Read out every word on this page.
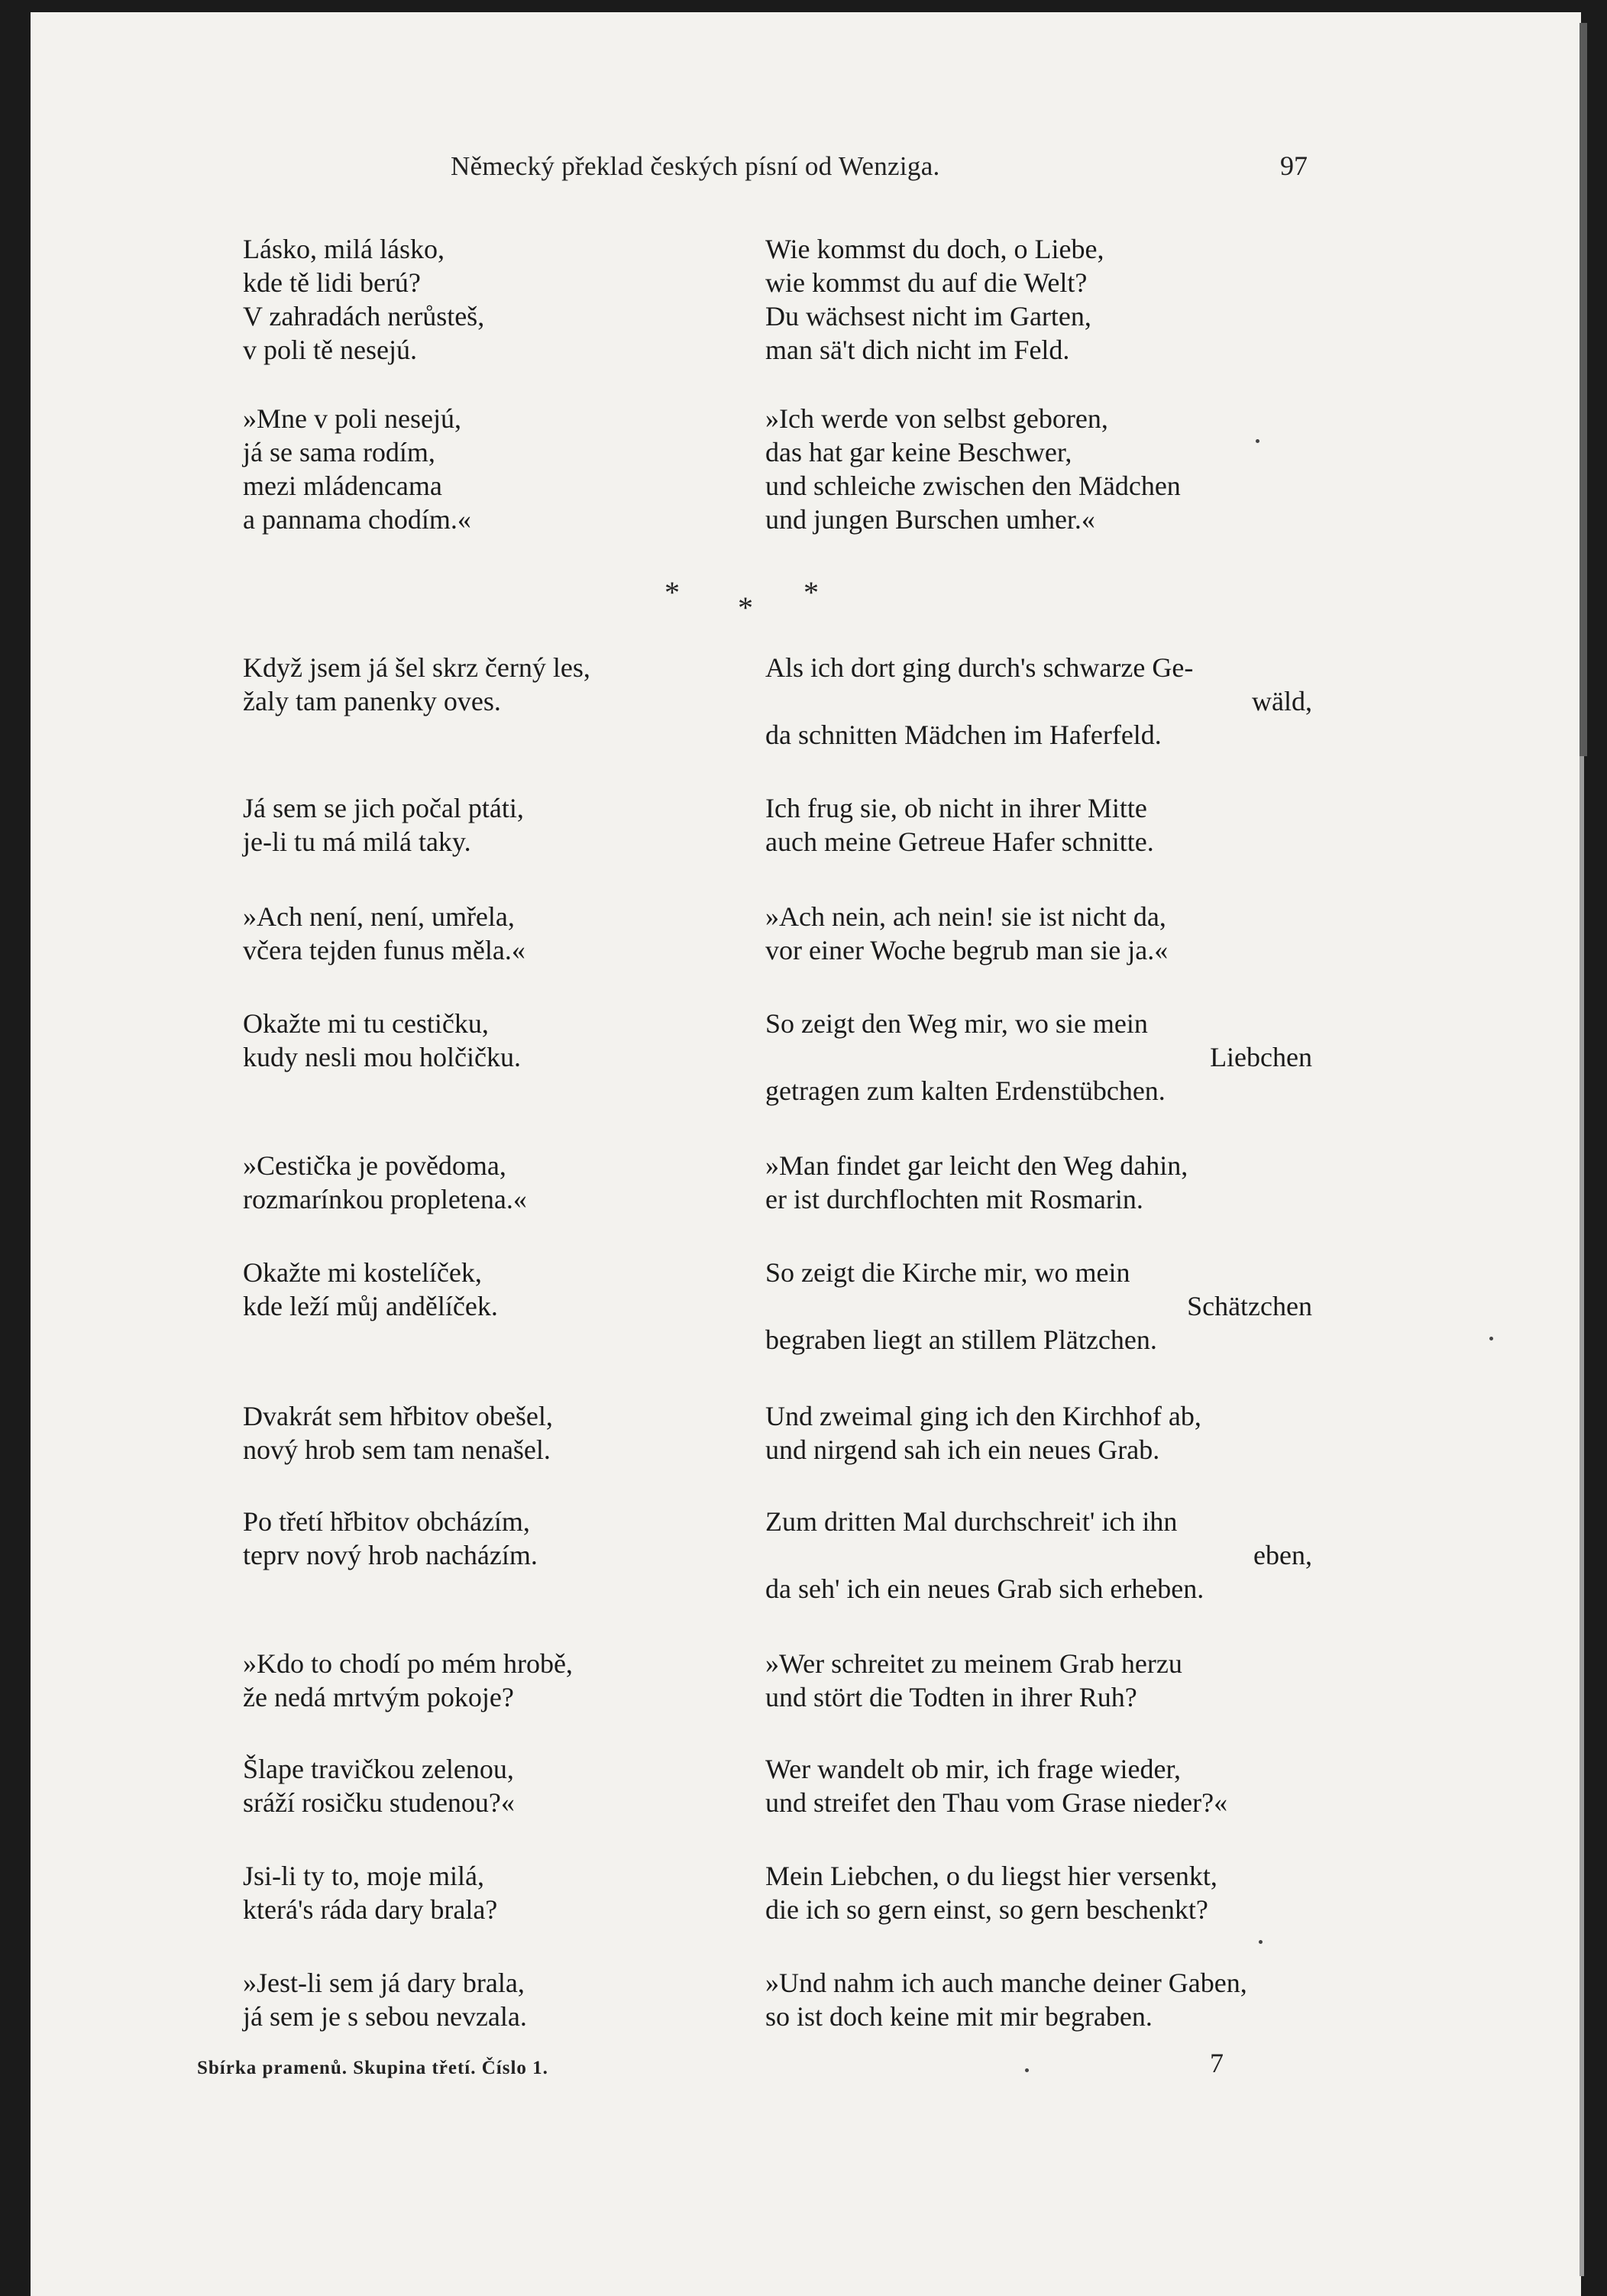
Německý překlad českých písní od Wenziga.	97
* * *
Lásko, milá lásko,
kde tě lidi berú?
V zahradách nerůsteš,
v poli tě nesejú.
Wie kommst du doch, o Liebe,
wie kommst du auf die Welt?
Du wächsest nicht im Garten,
man sä't dich nicht im Feld.
»Mne v poli nesejú,
já se sama rodím,
mezi mládencama
a pannama chodím.«
»Ich werde von selbst geboren,
das hat gar keine Beschwer,
und schleiche zwischen den Mädchen
und jungen Burschen umher.«
Když jsem já šel skrz černý les,
žaly tam panenky oves.
Als ich dort ging durch's schwarze Ge-
wäld,
da schnitten Mädchen im Haferfeld.
Já sem se jich počal ptáti,
je-li tu má milá taky.
Ich frug sie, ob nicht in ihrer Mitte
auch meine Getreue Hafer schnitte.
»Ach není, není, umřela,
včera tejden funus měla.«
»Ach nein, ach nein! sie ist nicht da,
vor einer Woche begrub man sie ja.«
Okažte mi tu cestičku,
kudy nesli mou holčičku.
So zeigt den Weg mir, wo sie mein
Liebchen
getragen zum kalten Erdenstübchen.
»Cestička je povědoma,
rozmarínkou propletena.«
»Man findet gar leicht den Weg dahin,
er ist durchflochten mit Rosmarin.
Okažte mi kostelíček,
kde leží můj andělíček.
So zeigt die Kirche mir, wo mein
Schätzchen
begraben liegt an stillem Plätzchen.
Dvakrát sem hřbitov obešel,
nový hrob sem tam nenašel.
Und zweimal ging ich den Kirchhof ab,
und nirgend sah ich ein neues Grab.
Po třetí hřbitov obcházím,
teprv nový hrob nacházím.
Zum dritten Mal durchschreit' ich ihn
eben,
da seh' ich ein neues Grab sich erheben.
»Kdo to chodí po mém hrobě,
že nedá mrtvým pokoje?
»Wer schreitet zu meinem Grab herzu
und stört die Todten in ihrer Ruh?
Šlape travičkou zelenou,
sráží rosičku studenou?«
Wer wandelt ob mir, ich frage wieder,
und streifet den Thau vom Grase nieder?«
Jsi-li ty to, moje milá,
která's ráda dary brala?
Mein Liebchen, o du liegst hier versenkt,
die ich so gern einst, so gern beschenkt?
»Jest-li sem já dary brala,
já sem je s sebou nevzala.
»Und nahm ich auch manche deiner Gaben,
so ist doch keine mit mir begraben.
Sbírka pramenů. Skupina třetí. Číslo 1.	7
